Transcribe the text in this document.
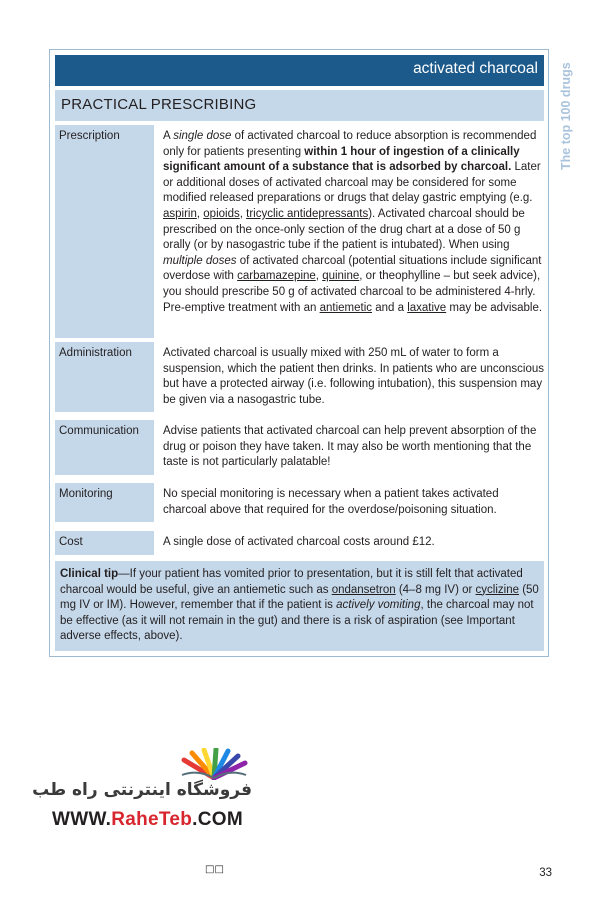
activated charcoal
PRACTICAL PRESCRIBING
Prescription	A single dose of activated charcoal to reduce absorption is recommended only for patients presenting within 1 hour of ingestion of a clinically significant amount of a substance that is adsorbed by charcoal. Later or additional doses of activated charcoal may be considered for some modified released preparations or drugs that delay gastric emptying (e.g. aspirin, opioids, tricyclic antidepressants). Activated charcoal should be prescribed on the once-only section of the drug chart at a dose of 50 g orally (or by nasogastric tube if the patient is intubated). When using multiple doses of activated charcoal (potential situations include significant overdose with carbamazepine, quinine, or theophylline – but seek advice), you should prescribe 50 g of activated charcoal to be administered 4-hrly. Pre-emptive treatment with an antiemetic and a laxative may be advisable.
Administration	Activated charcoal is usually mixed with 250 mL of water to form a suspension, which the patient then drinks. In patients who are unconscious but have a protected airway (i.e. following intubation), this suspension may be given via a nasogastric tube.
Communication	Advise patients that activated charcoal can help prevent absorption of the drug or poison they have taken. It may also be worth mentioning that the taste is not particularly palatable!
Monitoring	No special monitoring is necessary when a patient takes activated charcoal above that required for the overdose/poisoning situation.
Cost	A single dose of activated charcoal costs around £12.
Clinical tip—If your patient has vomited prior to presentation, but it is still felt that activated charcoal would be useful, give an antiemetic such as ondansetron (4–8 mg IV) or cyclizine (50 mg IV or IM). However, remember that if the patient is actively vomiting, the charcoal may not be effective (as it will not remain in the gut) and there is a risk of aspiration (see Important adverse effects, above).
The top 100 drugs
فروشگاه اینترنتی راه طب
WWW.RaheTeb.COM
□□	33
